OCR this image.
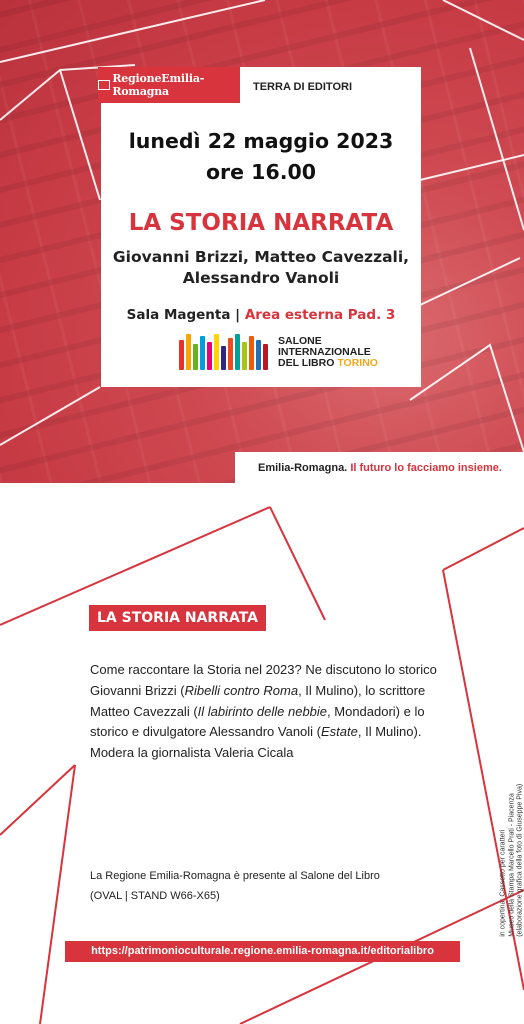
RegioneEmilia-Romagna	TERRA DI EDITORI
lunedì 22 maggio 2023
ore 16.00
LA STORIA NARRATA
Giovanni Brizzi, Matteo Cavezzali,
Alessandro Vanoli
Sala Magenta | Area esterna Pad. 3
SALONE
INTERNAZIONALE
DEL LIBRO TORINO
Emilia-Romagna. Il futuro lo facciamo insieme.
LA STORIA NARRATA
Come raccontare la Storia nel 2023? Ne discutono lo storico Giovanni Brizzi (Ribelli contro Roma, Il Mulino), lo scrittore Matteo Cavezzali (Il labirinto delle nebbie, Mondadori) e lo storico e divulgatore Alessandro Vanoli (Estate, Il Mulino).
Modera la giornalista Valeria Cicala
La Regione Emilia-Romagna è presente al Salone del Libro
(OVAL | STAND W66-X65)
https://patrimonioculturale.regione.emilia-romagna.it/editorialibro
in copertina: Cassetto per caratteri Museo della Stampa Marcello Prati - Piacenza (elaborazione grafica della foto di Giuseppe Piva)
